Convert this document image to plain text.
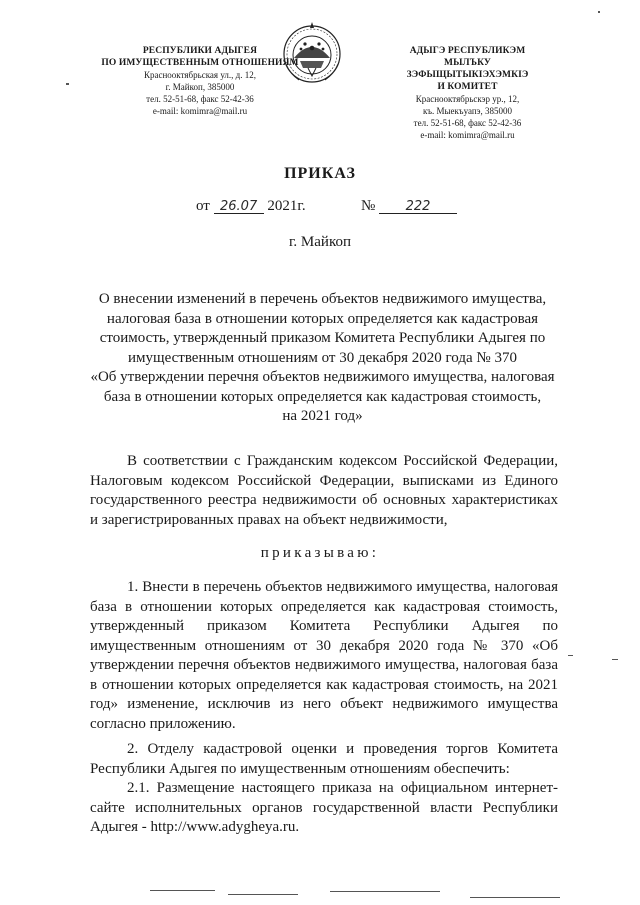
РЕСПУБЛИКИ АДЫГЕЯ
ПО ИМУЩЕСТВЕННЫМ ОТНОШЕНИЯМ
Краснооктябрьская ул., д. 12,
г. Майкоп, 385000
тел. 52-51-68, факс 52-42-36
e-mail: komimra@mail.ru
АДЫГЭ РЕСПУБЛИКЭМ
МЫЛЪКУ ЗЭФЫЩЫТЫКІЭХЭМКІЭ
И КОМИТЕТ
Краснооктябрьскэр ур., 12,
къ. Мыекъуапэ, 385000
тел. 52-51-68, факс 52-42-36
e-mail: komimra@mail.ru
ПРИКАЗ
от 26.07 2021г.	№ 222
г. Майкоп
О внесении изменений в перечень объектов недвижимого имущества,
налоговая база в отношении которых определяется как кадастровая
стоимость, утвержденный приказом Комитета Республики Адыгея по
имущественным отношениям от 30 декабря 2020 года № 370
«Об утверждении перечня объектов недвижимого имущества, налоговая
база в отношении которых определяется как кадастровая стоимость,
на 2021 год»
В соответствии с Гражданским кодексом Российской Федерации, Налоговым кодексом Российской Федерации, выписками из Единого государственного реестра недвижимости об основных характеристиках и зарегистрированных правах на объект недвижимости,
приказываю:
1. Внести в перечень объектов недвижимого имущества, налоговая база в отношении которых определяется как кадастровая стоимость, утвержденный приказом Комитета Республики Адыгея по имущественным отношениям от 30 декабря 2020 года № 370 «Об утверждении перечня объектов недвижимого имущества, налоговая база в отношении которых определяется как кадастровая стоимость, на 2021 год» изменение, исключив из него объект недвижимого имущества согласно приложению.
2. Отделу кадастровой оценки и проведения торгов Комитета Республики Адыгея по имущественным отношениям обеспечить:
2.1. Размещение настоящего приказа на официальном интернет-сайте исполнительных органов государственной власти Республики Адыгея - http://www.adygheya.ru.
